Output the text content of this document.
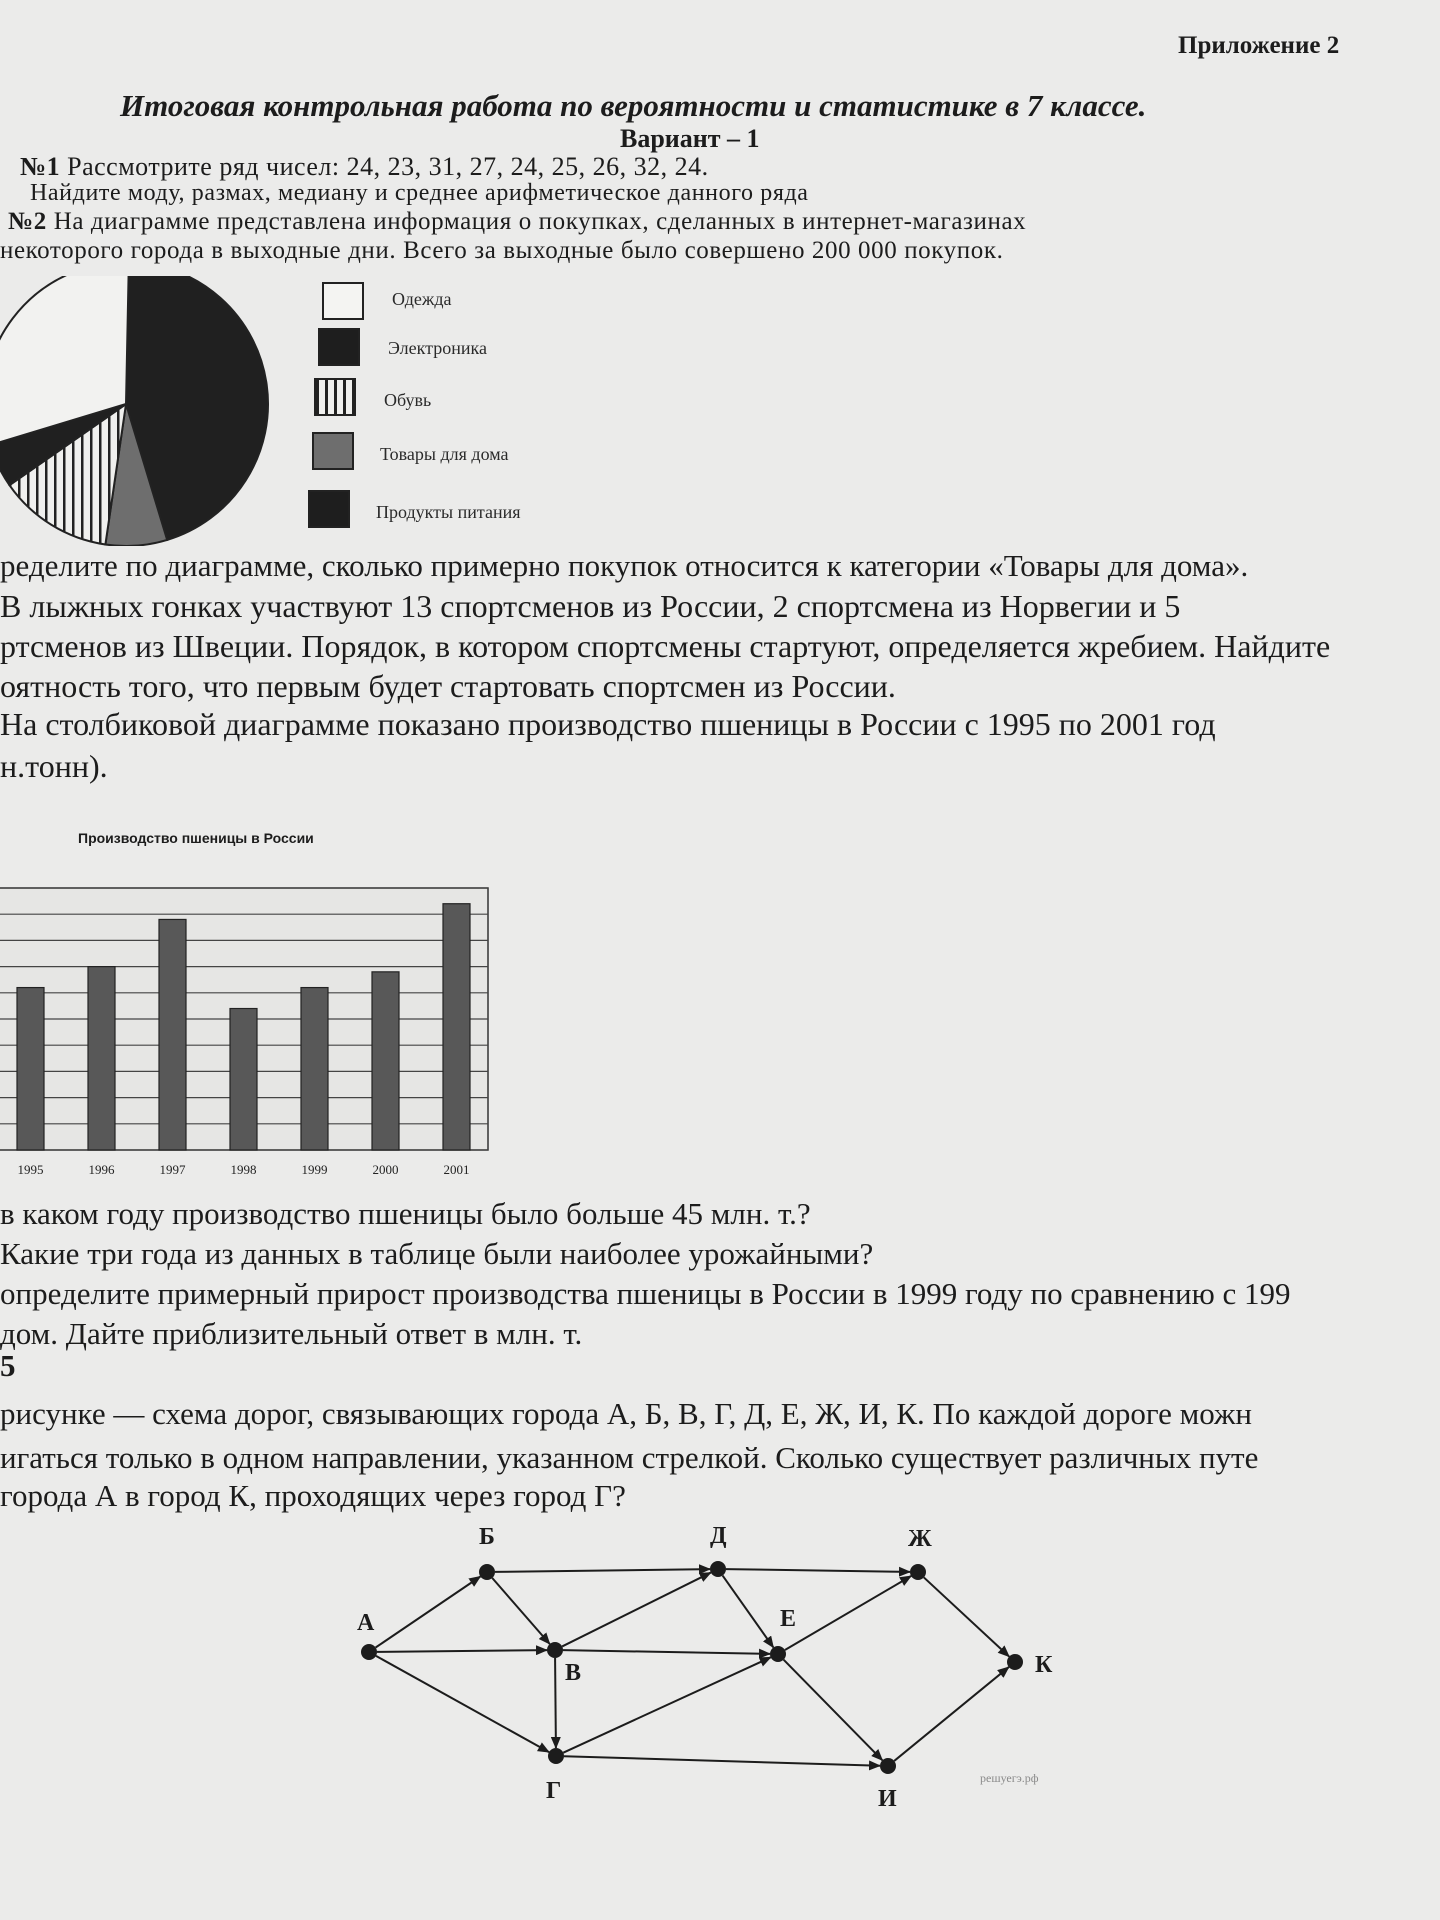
Приложение 2
Итоговая контрольная работа по вероятности и статистике в 7 классе.
Вариант – 1
№1 Рассмотрите ряд чисел: 24, 23, 31, 27, 24, 25, 26, 32, 24.
Найдите моду, размах, медиану и среднее арифметическое данного ряда
№2 На диаграмме представлена информация о покупках, сделанных в интернет-магазинах
некоторого города в выходные дни. Всего за выходные было совершено 200 000 покупок.
Одежда
Электроника
Обувь
Товары для дома
Продукты питания
ределите по диаграмме, сколько примерно покупок относится к категории «Товары для дома».
В лыжных гонках участвуют 13 спортсменов из России, 2 спортсмена из Норвегии и 5
ртсменов из Швеции. Порядок, в котором спортсмены стартуют, определяется жребием. Найдите
оятность того, что первым будет стартовать спортсмен из России.
На столбиковой диаграмме показано производство пшеницы в России с 1995 по 2001 год
н.тонн).
Производство пшеницы в России
1995	1996	1997	1998	1999	2000	2001
в каком году производство пшеницы было больше 45 млн. т.?
Какие три года из данных в таблице были наиболее урожайными?
определите примерный прирост производства пшеницы в России в 1999 году по сравнению с 199
дом. Дайте приблизительный ответ в млн. т.
5
рисунке — схема дорог, связывающих города А, Б, В, Г, Д, Е, Ж, И, К. По каждой дороге можн
игаться только в одном направлении, указанном стрелкой. Сколько существует различных путе
города А в город К, проходящих через город Г?
А
Б
В
Г
Д
Е
Ж
И
К
решуегэ.рф
